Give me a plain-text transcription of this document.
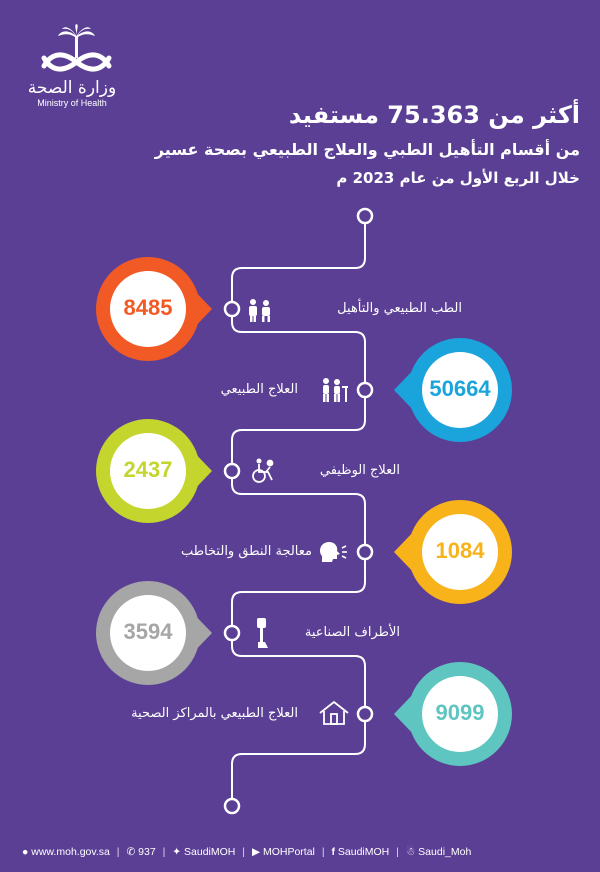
وزارة الصحة
Ministry of Health	أكثر من 75.363 مستفيد
من أقسام التأهيل الطبي والعلاج الطبيعي بصحة عسير
خلال الربع الأول من عام 2023 م
8485
50664
2437
1084
3594
9099
الطب الطبيعي والتأهيل
العلاج الطبيعي
العلاج الوظيفي
معالجة النطق والتخاطب
الأطراف الصناعية
العلاج الطبيعي بالمراكز الصحية
● www.moh.gov.sa | ✆ 937 | ✦ SaudiMOH | ▶ MOHPortal | f SaudiMOH | ☃ Saudi_Moh
